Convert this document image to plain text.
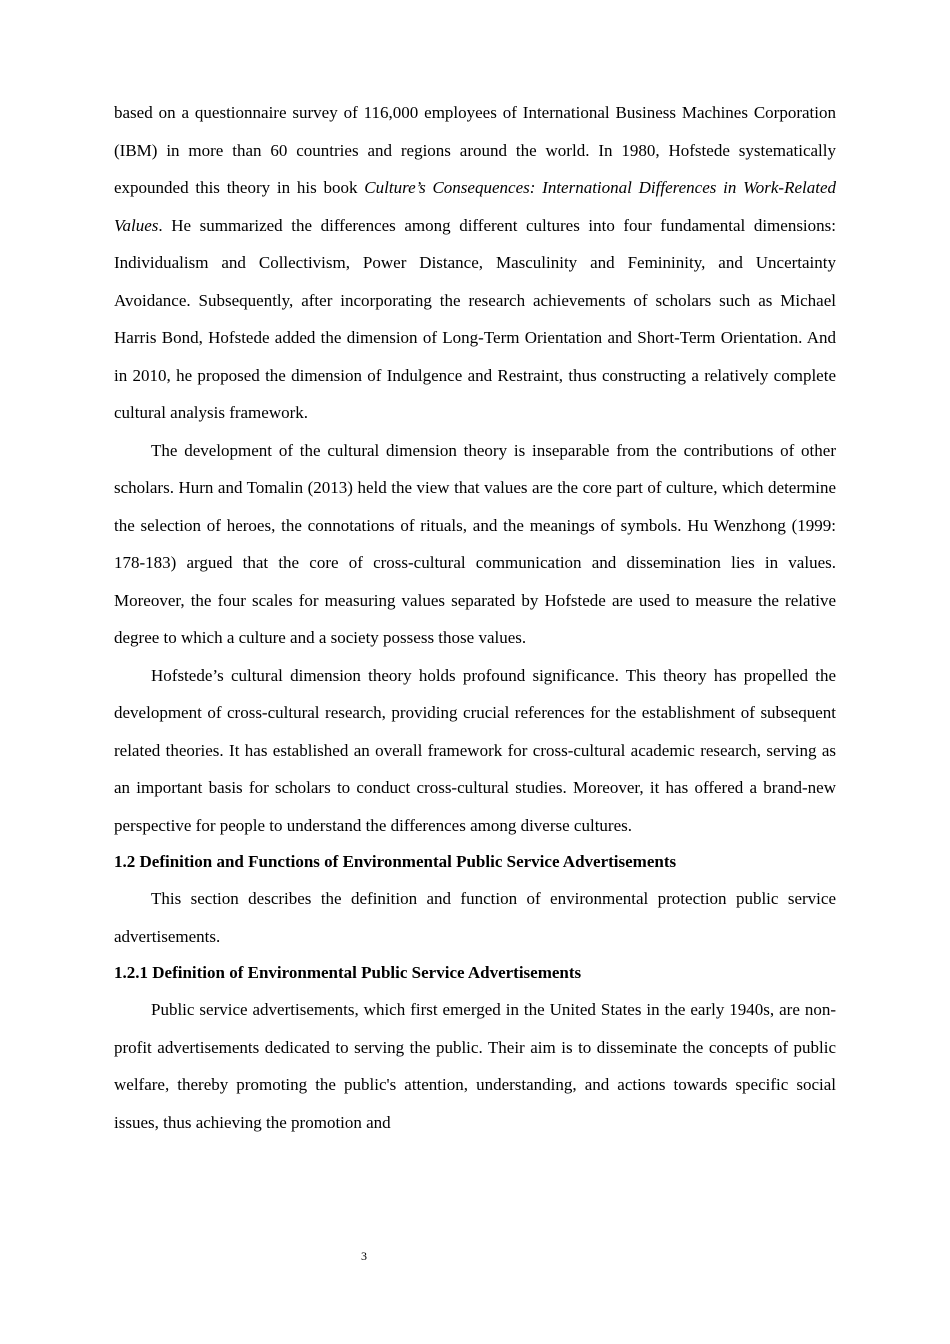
based on a questionnaire survey of 116,000 employees of International Business Machines Corporation (IBM) in more than 60 countries and regions around the world. In 1980, Hofstede systematically expounded this theory in his book Culture’s Consequences: International Differences in Work-Related Values. He summarized the differences among different cultures into four fundamental dimensions: Individualism and Collectivism, Power Distance, Masculinity and Femininity, and Uncertainty Avoidance. Subsequently, after incorporating the research achievements of scholars such as Michael Harris Bond, Hofstede added the dimension of Long-Term Orientation and Short-Term Orientation. And in 2010, he proposed the dimension of Indulgence and Restraint, thus constructing a relatively complete cultural analysis framework.

The development of the cultural dimension theory is inseparable from the contributions of other scholars. Hurn and Tomalin (2013) held the view that values are the core part of culture, which determine the selection of heroes, the connotations of rituals, and the meanings of symbols. Hu Wenzhong (1999: 178-183) argued that the core of cross-cultural communication and dissemination lies in values. Moreover, the four scales for measuring values separated by Hofstede are used to measure the relative degree to which a culture and a society possess those values.

Hofstede’s cultural dimension theory holds profound significance. This theory has propelled the development of cross-cultural research, providing crucial references for the establishment of subsequent related theories. It has established an overall framework for cross-cultural academic research, serving as an important basis for scholars to conduct cross-cultural studies. Moreover, it has offered a brand-new perspective for people to understand the differences among diverse cultures.

1.2 Definition and Functions of Environmental Public Service Advertisements

This section describes the definition and function of environmental protection public service advertisements.

1.2.1 Definition of Environmental Public Service Advertisements

Public service advertisements, which first emerged in the United States in the early 1940s, are non-profit advertisements dedicated to serving the public. Their aim is to disseminate the concepts of public welfare, thereby promoting the public's attention, understanding, and actions towards specific social issues, thus achieving the promotion and

3
